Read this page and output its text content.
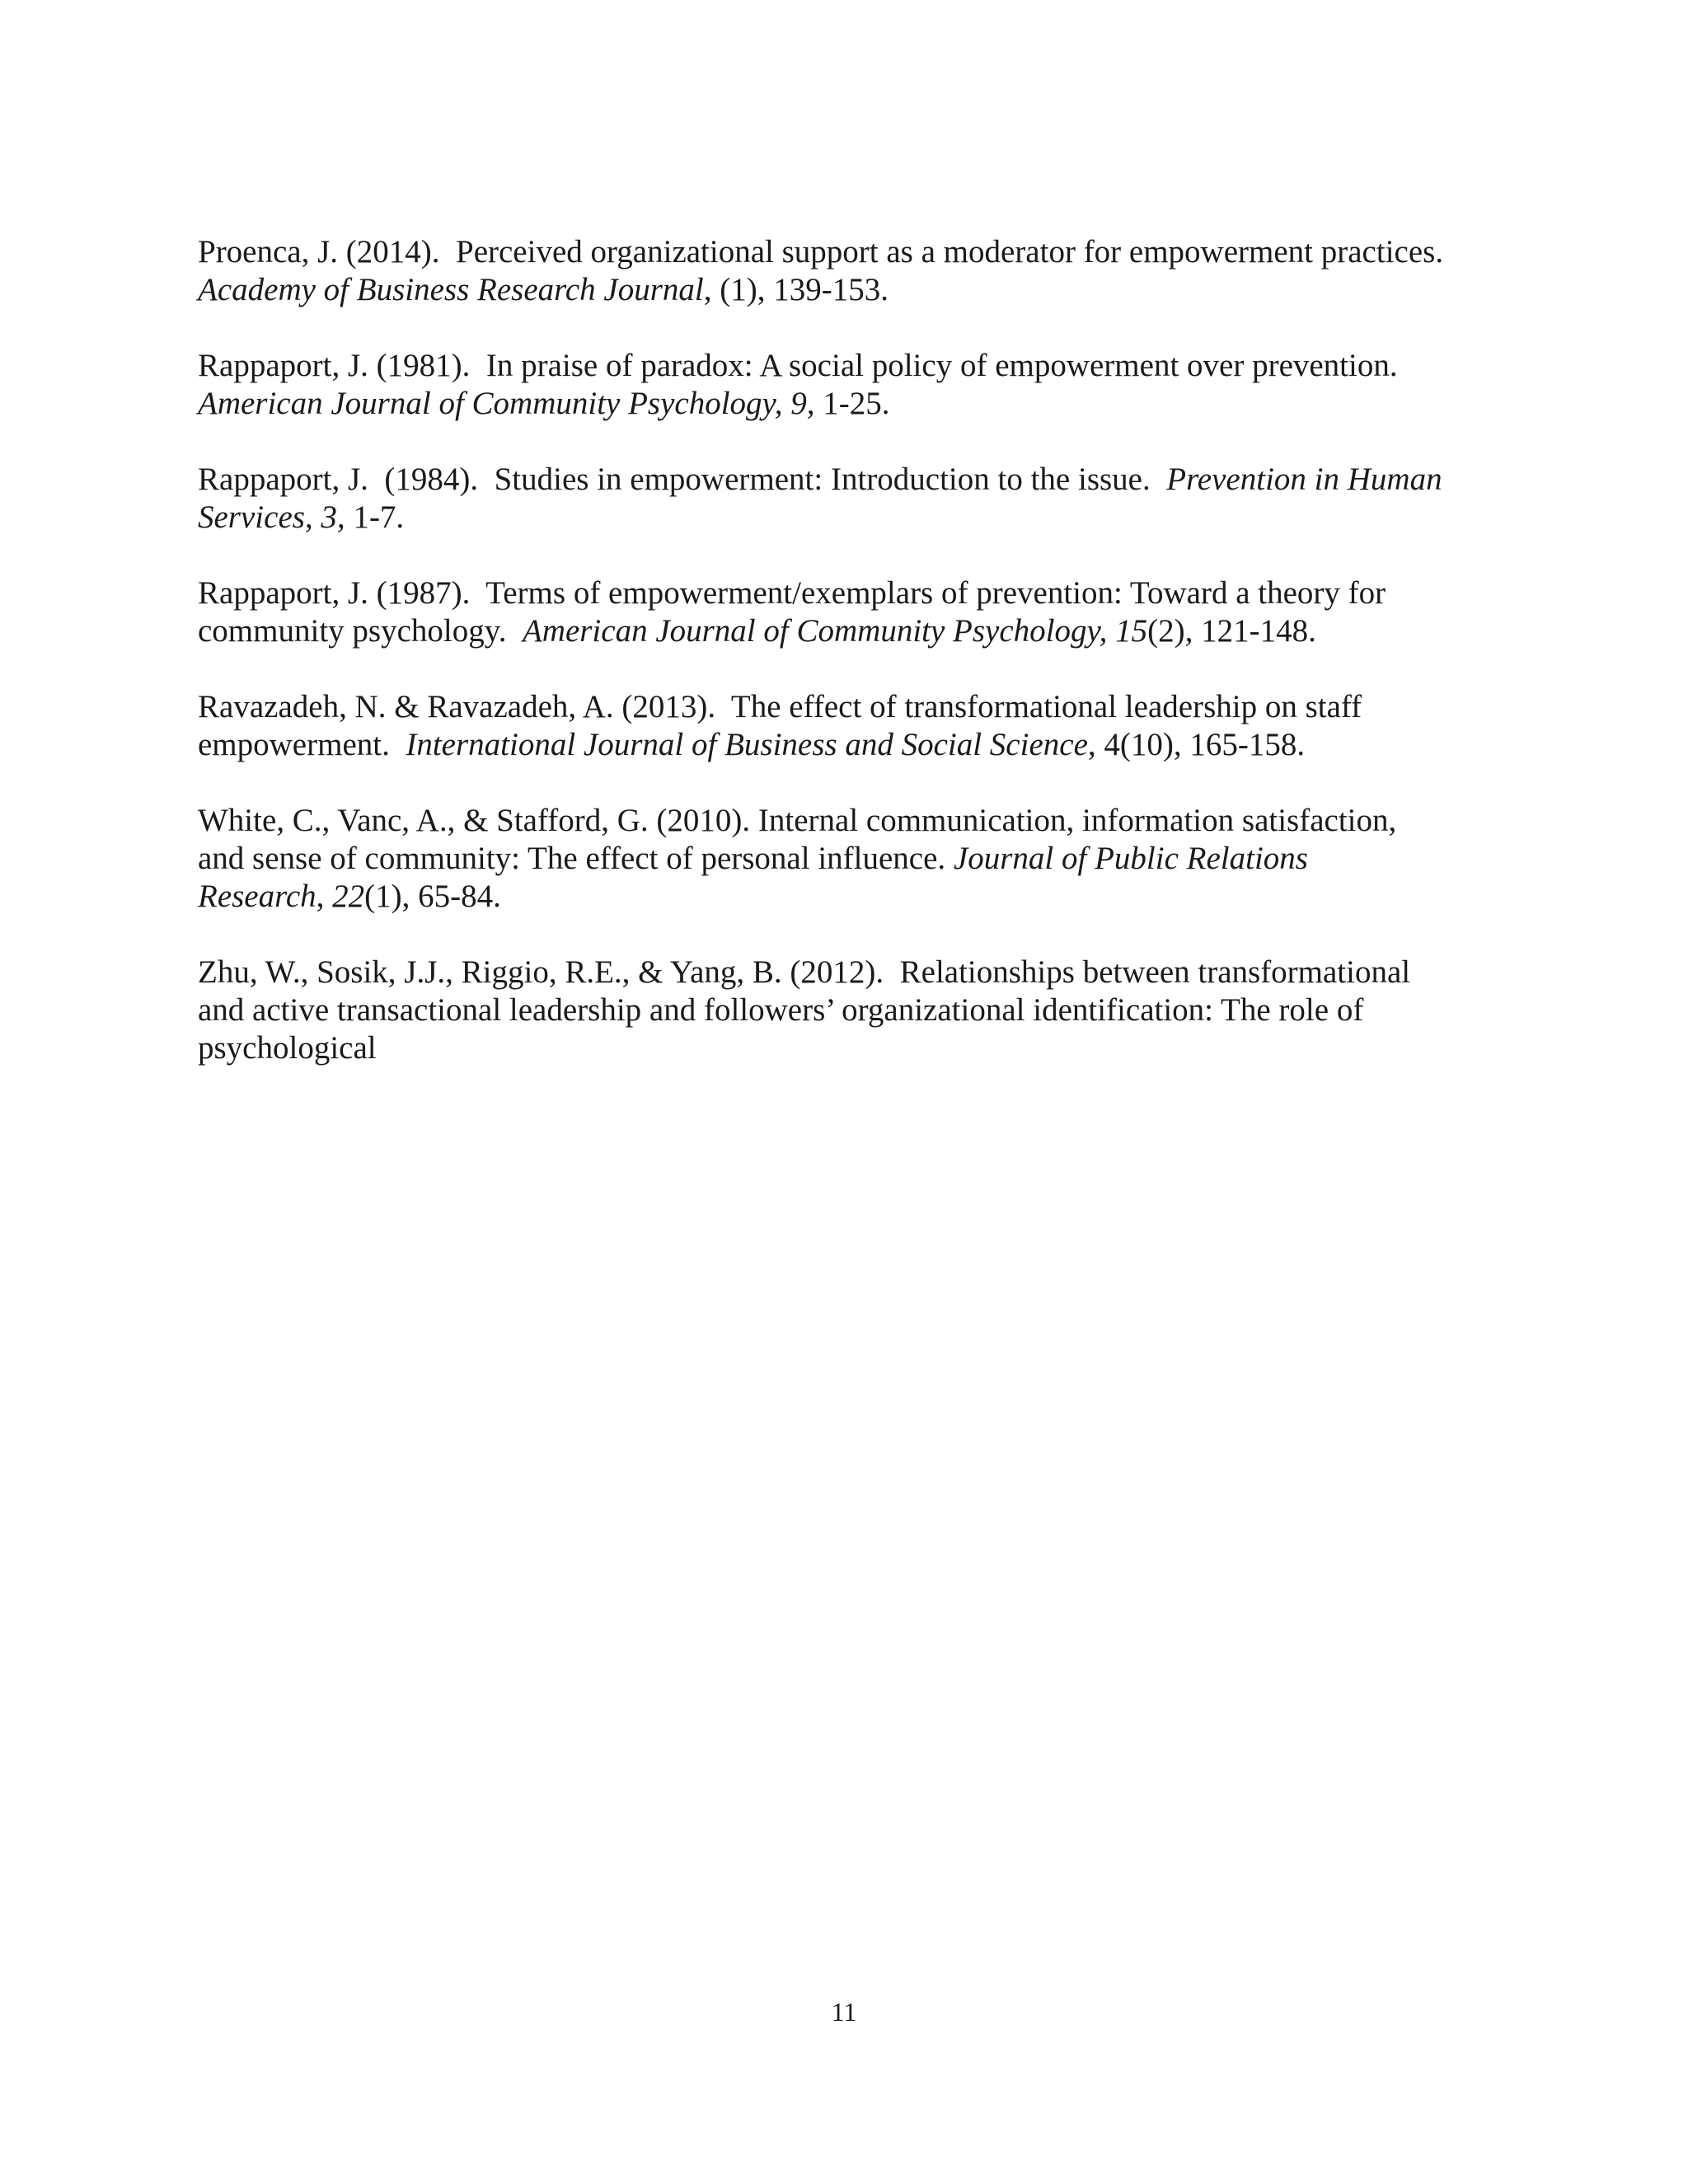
Proenca, J. (2014).  Perceived organizational support as a moderator for empowerment practices.
Academy of Business Research Journal, (1), 139-153.

Rappaport, J. (1981).  In praise of paradox: A social policy of empowerment over prevention.
American Journal of Community Psychology, 9, 1-25.

Rappaport, J.  (1984).  Studies in empowerment: Introduction to the issue.  Prevention in Human
Services, 3, 1-7.

Rappaport, J. (1987).  Terms of empowerment/exemplars of prevention: Toward a theory for
community psychology.  American Journal of Community Psychology, 15(2), 121-148.

Ravazadeh, N. & Ravazadeh, A. (2013).  The effect of transformational leadership on staff
empowerment.  International Journal of Business and Social Science, 4(10), 165-158.

White, C., Vanc, A., & Stafford, G. (2010). Internal communication, information satisfaction,
and sense of community: The effect of personal influence. Journal of Public Relations
Research, 22(1), 65-84.

Zhu, W., Sosik, J.J., Riggio, R.E., & Yang, B. (2012).  Relationships between transformational
and active transactional leadership and followers’ organizational identification: The role of
psychological

11
